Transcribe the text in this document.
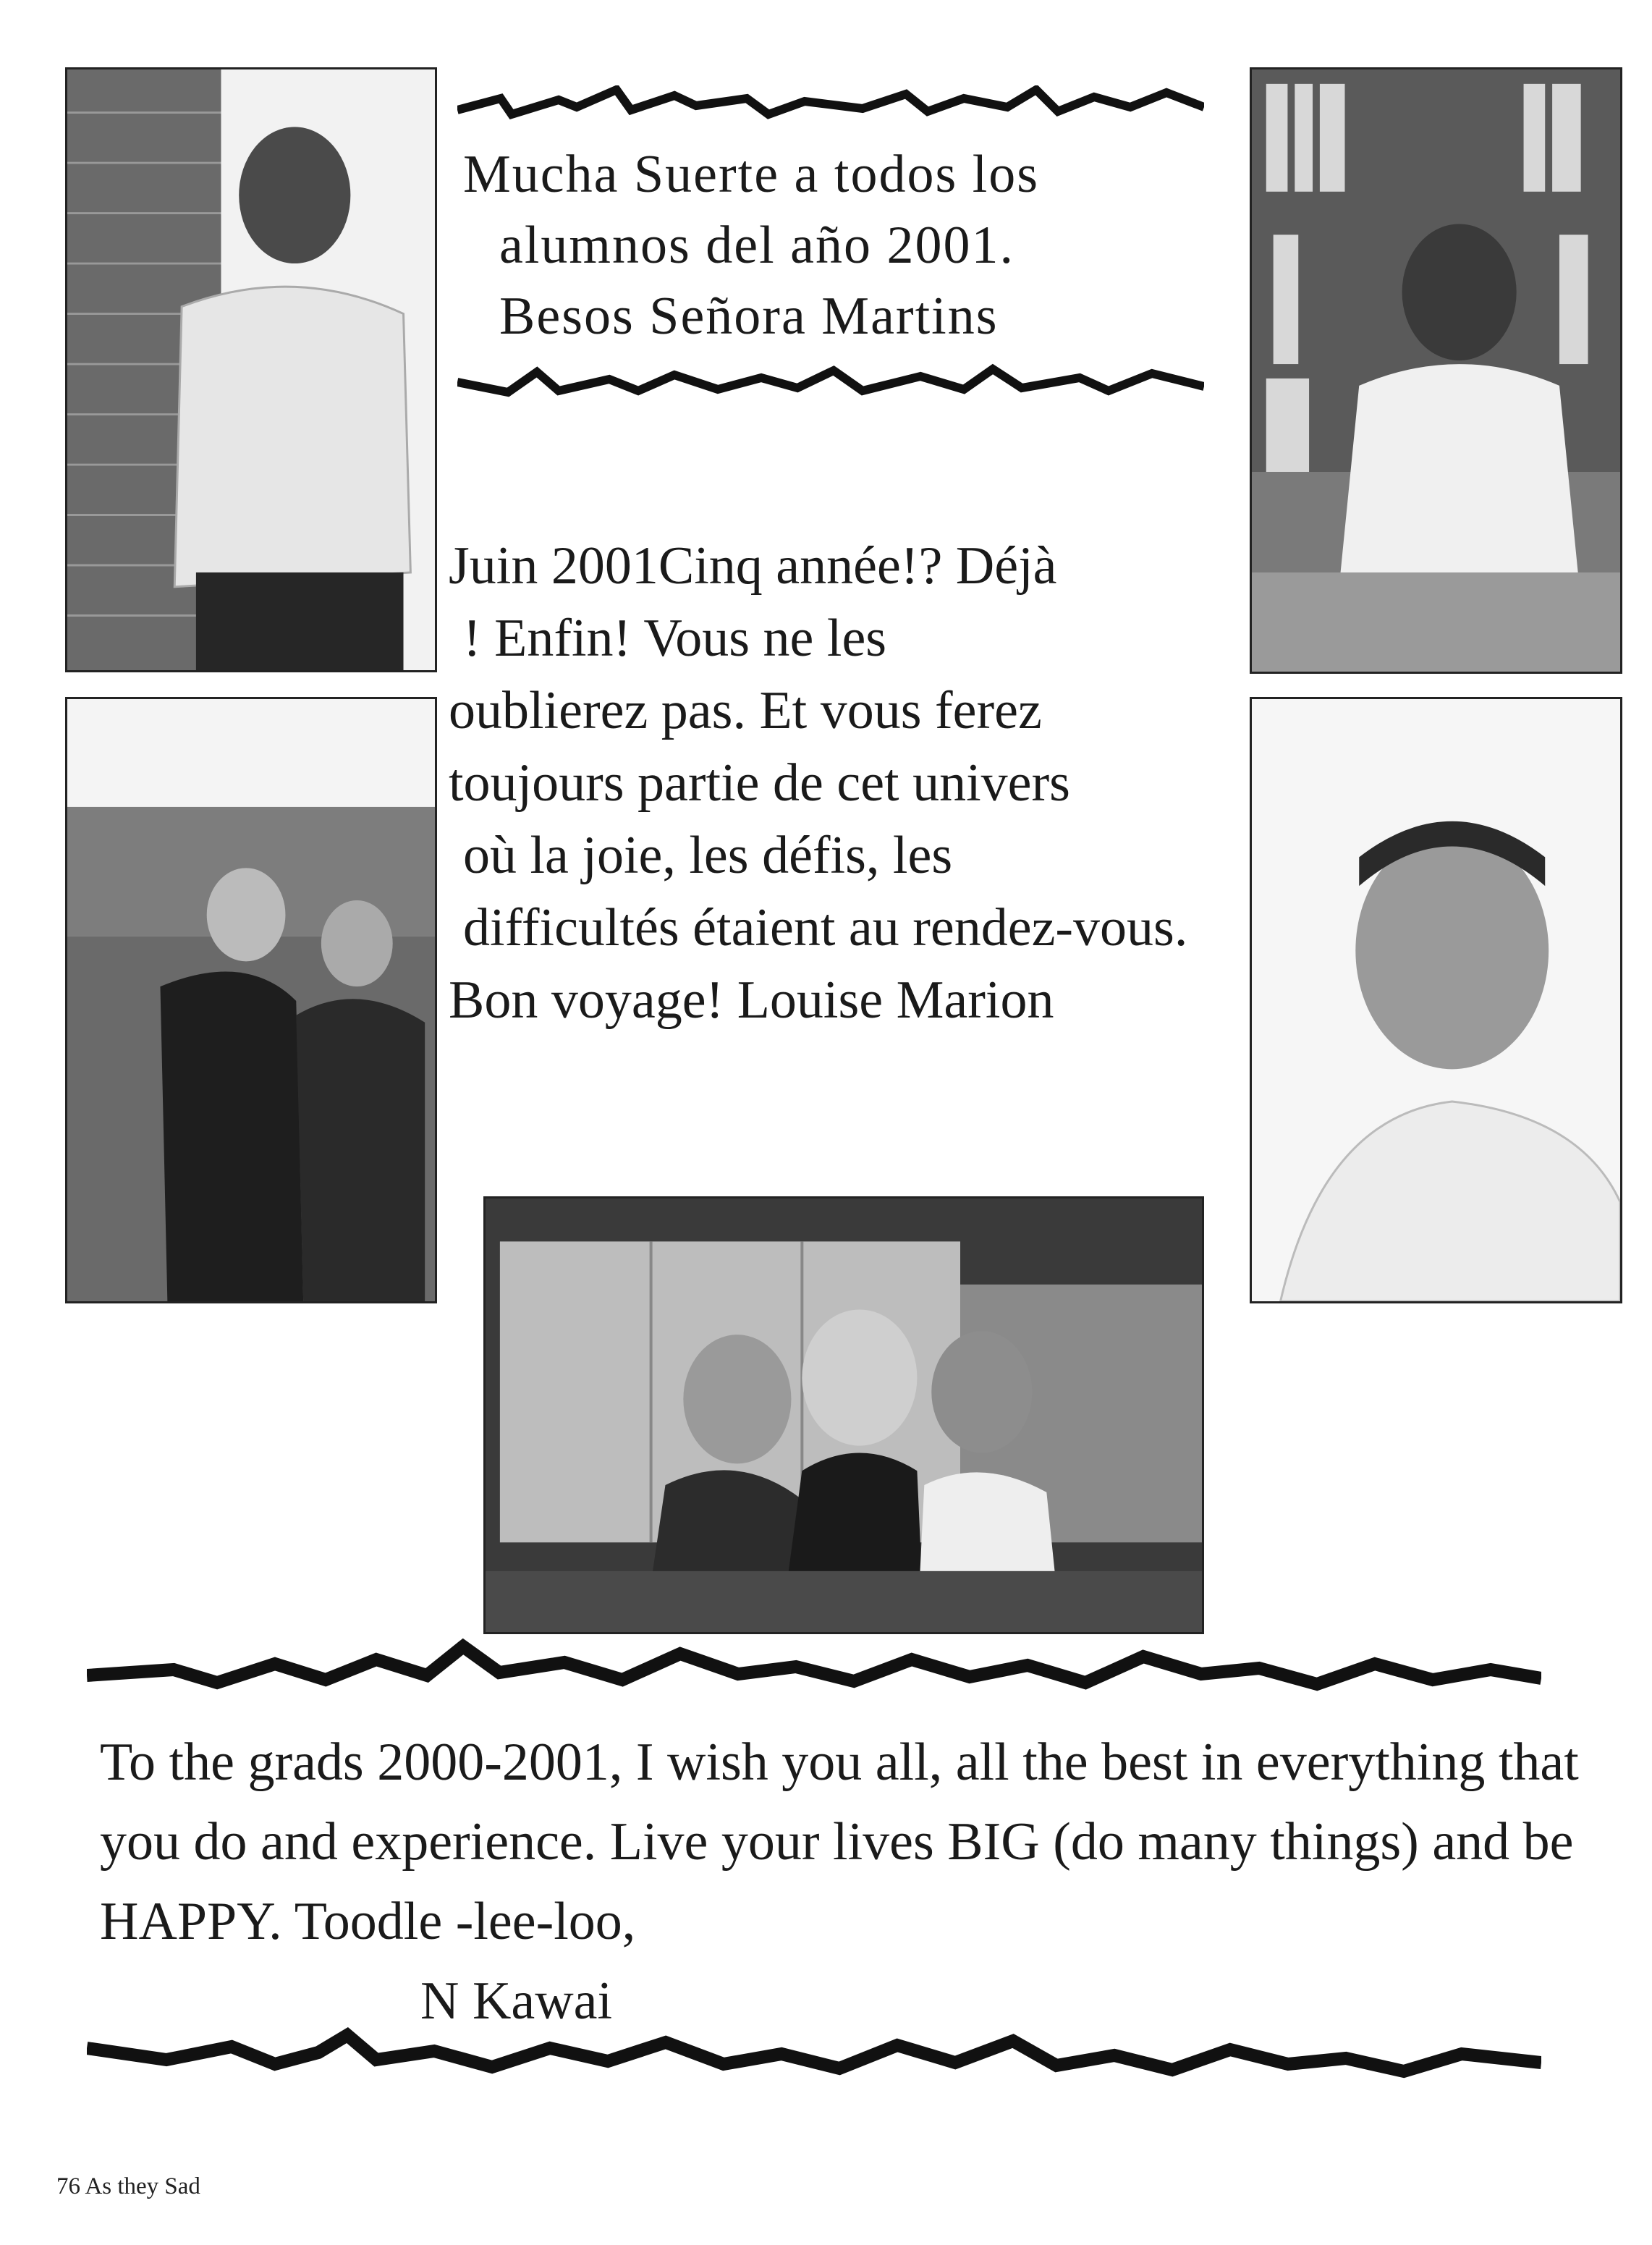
Mucha Suerte a todos los
alumnos del año 2001.
Besos Señora Martins
Juin 2001Cinq année!? Déjà
! Enfin! Vous ne les
oublierez pas. Et vous ferez
toujours partie de cet univers
où la joie, les défis, les
difficultés étaient au rendez-vous.
Bon voyage! Louise Marion
To the grads 2000-2001, I wish you all, all the best in everything that
you do and experience. Live your lives BIG (do many things) and be
HAPPY. Toodle -lee-loo,
N Kawai
76 As they Sad
